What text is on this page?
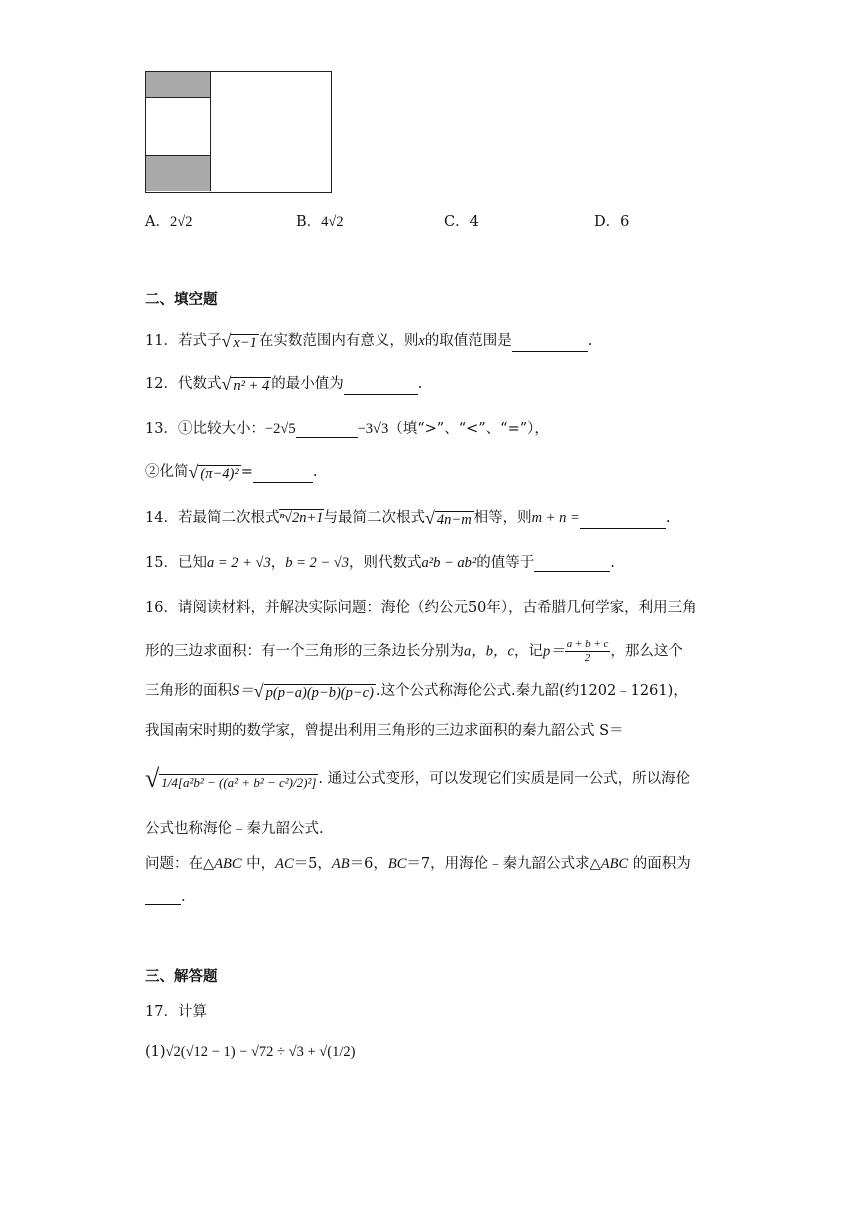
A．2√2	B．4√2	C．4	D．6
二、填空题
11．若式子√ x−1 在实数范围内有意义，则x的取值范围是	.
12．代数式√ n² + 4 的最小值为	.
13．①比较大小：−2√5	−3√3（填“>”、“<”、“=”），
②化简√ (π−4)² =	.
14．若最简二次根式ⁿ√2n+1与最简二次根式√ 4n−m 相等，则m + n =	.
15．已知a = 2 + √3，b = 2 − √3，则代数式a²b − ab²的值等于	.
16．请阅读材料，并解决实际问题：海伦（约公元50年），古希腊几何学家，利用三角
形的三边求面积：有一个三角形的三条边长分别为a，b，c，记$p= \frac{a + b + c}{2}$ ，那么这个
三角形的面积S＝√ p(p−a)(p−b)(p−c) .这个公式称海伦公式.秦九韶(约1202﹣1261)，
我国南宋时期的数学家，曾提出利用三角形的三边求面积的秦九韶公式 S＝
√ 1/4[a²b² − ((a² + b² − c²)/2)²] . 通过公式变形，可以发现它们实质是同一公式，所以海伦
公式也称海伦﹣秦九韶公式.
问题：在△ABC 中，AC＝5，AB＝6，BC＝7，用海伦﹣秦九韶公式求△ABC 的面积为
.
三、解答题
17．计算
(1)√2(√12 − 1) − √72 ÷ √3 + √(1/2)
